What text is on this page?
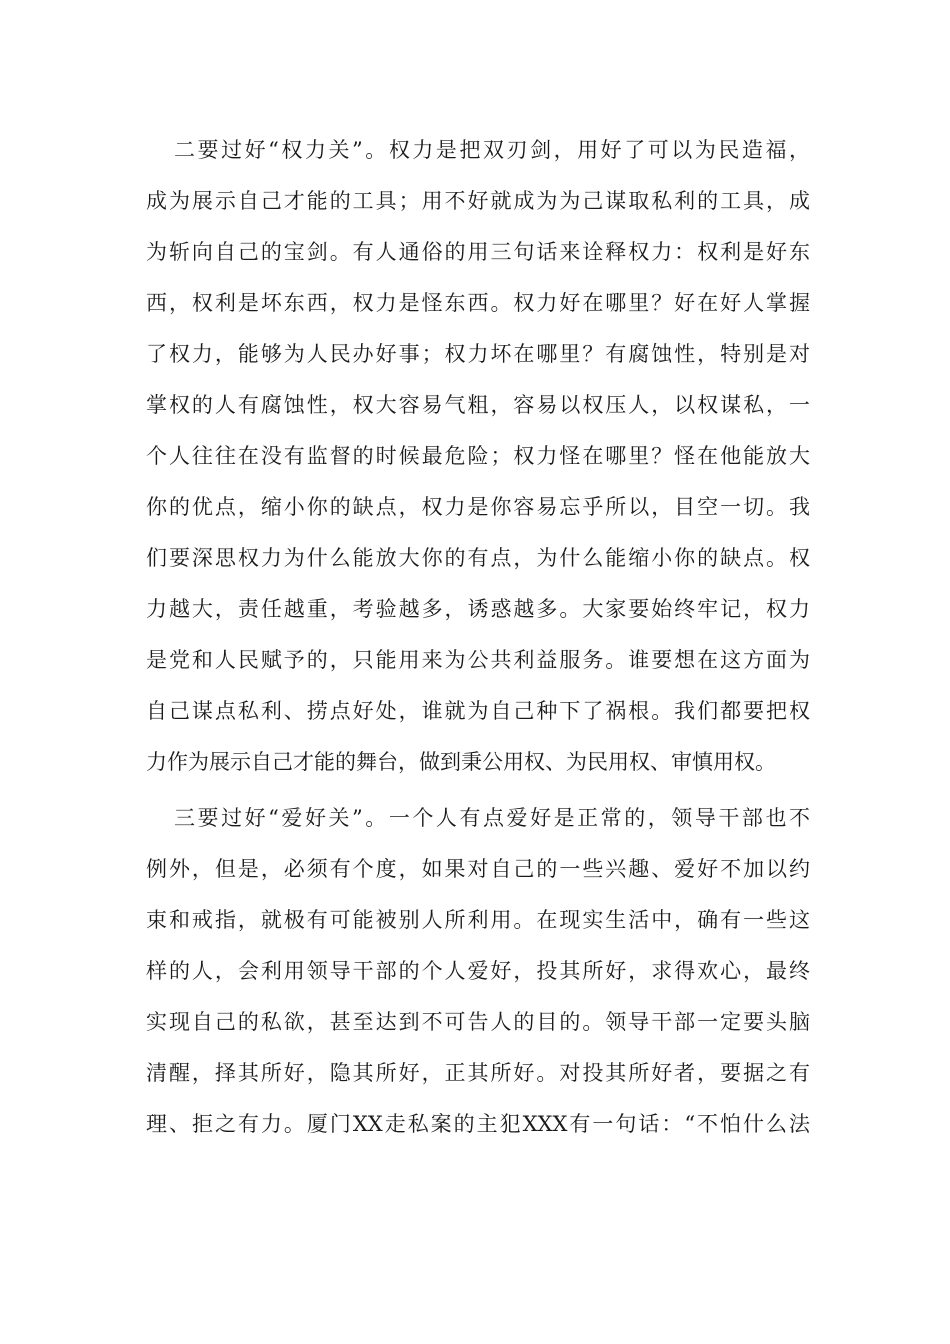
二要过好“权力关”。权力是把双刃剑，用好了可以为民造福，
成为展示自己才能的工具；用不好就成为为己谋取私利的工具，成
为斩向自己的宝剑。有人通俗的用三句话来诠释权力：权利是好东
西，权利是坏东西，权力是怪东西。权力好在哪里？好在好人掌握
了权力，能够为人民办好事；权力坏在哪里？有腐蚀性，特别是对
掌权的人有腐蚀性，权大容易气粗，容易以权压人，以权谋私，一
个人往往在没有监督的时候最危险；权力怪在哪里？怪在他能放大
你的优点，缩小你的缺点，权力是你容易忘乎所以，目空一切。我
们要深思权力为什么能放大你的有点，为什么能缩小你的缺点。权
力越大，责任越重，考验越多，诱惑越多。大家要始终牢记，权力
是党和人民赋予的，只能用来为公共利益服务。谁要想在这方面为
自己谋点私利、捞点好处，谁就为自己种下了祸根。我们都要把权
力作为展示自己才能的舞台，做到秉公用权、为民用权、审慎用权。
三要过好“爱好关”。一个人有点爱好是正常的，领导干部也不
例外，但是，必须有个度，如果对自己的一些兴趣、爱好不加以约
束和戒指，就极有可能被别人所利用。在现实生活中，确有一些这
样的人，会利用领导干部的个人爱好，投其所好，求得欢心，最终
实现自己的私欲，甚至达到不可告人的目的。领导干部一定要头脑
清醒，择其所好，隐其所好，正其所好。对投其所好者，要据之有
理、拒之有力。厦门XX走私案的主犯XXX有一句话：“不怕什么法
